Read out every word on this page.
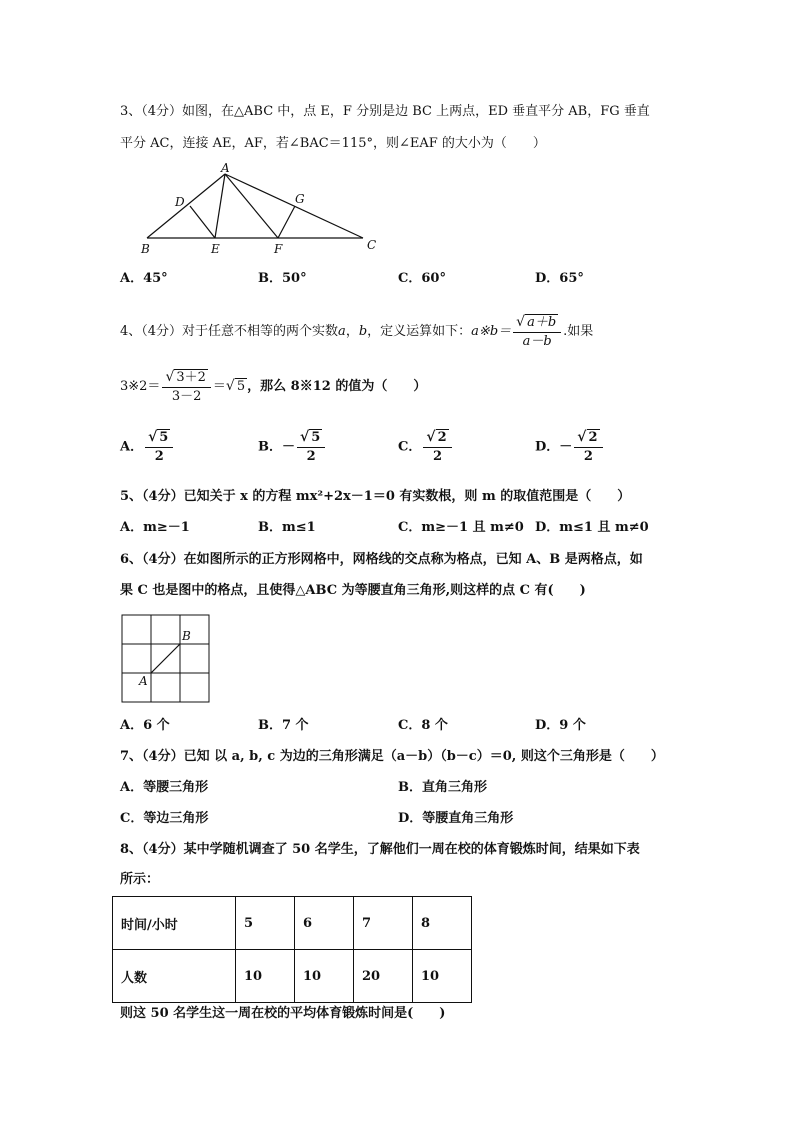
3、（4分）如图，在△ABC 中，点 E，F 分别是边 BC 上两点，ED 垂直平分 AB，FG 垂直
平分 AC，连接 AE，AF，若∠BAC＝115°，则∠EAF 的大小为（　　）
A
B	C
D
E	F
G
A．45°	B．50°	C．60°	D．65°
4、（4分）对于任意不相等的两个实数a，b，定义运算如下：a※b＝ $\frac{√ a+b}{a-b}$ .如果
3※2＝ $\frac{√ 3+2}{3-2}$ ＝√ 5 ，那么 8※12 的值为（　　）
A． $\frac{√ 5}{2}$	B．－ $\frac{√ 5}{2}$	C． $\frac{√ 2}{2}$	D．－ $\frac{√ 2}{2}$
5、（4分）已知关于 x 的方程 mx²+2x－1＝0 有实数根，则 m 的取值范围是（　　）
A．m≥－1	B．m≤1	C．m≥－1 且 m≠0 D．m≤1 且 m≠0
6、（4分）在如图所示的正方形网格中，网格线的交点称为格点，已知 A、B 是两格点，如
果 C 也是图中的格点，且使得△ABC 为等腰直角三角形,则这样的点 C 有(　　)
A
B
A．6 个	B．7 个	C．8 个	D．9 个
7、（4分）已知 以 a, b, c 为边的三角形满足（a－b）（b－c）＝0, 则这个三角形是（　　）
A．等腰三角形	B．直角三角形
C．等边三角形	D．等腰直角三角形
8、（4分）某中学随机调查了 50 名学生，了解他们一周在校的体育锻炼时间，结果如下表
所示：
时间/小时	5	6	7	8
人数	10	10	20	10
则这 50 名学生这一周在校的平均体育锻炼时间是(　　)
